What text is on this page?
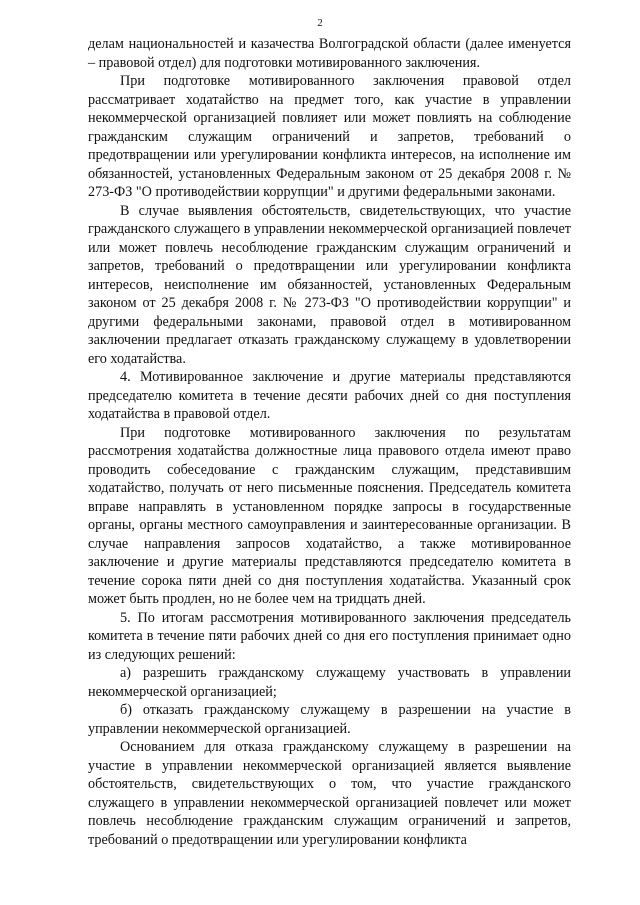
2

делам национальностей и казачества Волгоградской области (далее именуется – правовой отдел) для подготовки мотивированного заключения.

При подготовке мотивированного заключения правовой отдел рассматривает ходатайство на предмет того, как участие в управлении некоммерческой организацией повлияет или может повлиять на соблюдение гражданским служащим ограничений и запретов, требований о предотвращении или урегулировании конфликта интересов, на исполнение им обязанностей, установленных Федеральным законом от 25 декабря 2008 г. № 273-ФЗ "О противодействии коррупции" и другими федеральными законами.

В случае выявления обстоятельств, свидетельствующих, что участие гражданского служащего в управлении некоммерческой организацией повлечет или может повлечь несоблюдение гражданским служащим ограничений и запретов, требований о предотвращении или урегулировании конфликта интересов, неисполнение им обязанностей, установленных Федеральным законом от 25 декабря 2008 г. № 273-ФЗ "О противодействии коррупции" и другими федеральными законами, правовой отдел в мотивированном заключении предлагает отказать гражданскому служащему в удовлетворении его ходатайства.

4. Мотивированное заключение и другие материалы представляются председателю комитета в течение десяти рабочих дней со дня поступления ходатайства в правовой отдел.

При подготовке мотивированного заключения по результатам рассмотрения ходатайства должностные лица правового отдела имеют право проводить собеседование с гражданским служащим, представившим ходатайство, получать от него письменные пояснения. Председатель комитета вправе направлять в установленном порядке запросы в государственные органы, органы местного самоуправления и заинтересованные организации. В случае направления запросов ходатайство, а также мотивированное заключение и другие материалы представляются председателю комитета в течение сорока пяти дней со дня поступления ходатайства. Указанный срок может быть продлен, но не более чем на тридцать дней.

5. По итогам рассмотрения мотивированного заключения председатель комитета в течение пяти рабочих дней со дня его поступления принимает одно из следующих решений:

а) разрешить гражданскому служащему участвовать в управлении некоммерческой организацией;

б) отказать гражданскому служащему в разрешении на участие в управлении некоммерческой организацией.

Основанием для отказа гражданскому служащему в разрешении на участие в управлении некоммерческой организацией является выявление обстоятельств, свидетельствующих о том, что участие гражданского служащего в управлении некоммерческой организацией повлечет или может повлечь несоблюдение гражданским служащим ограничений и запретов, требований о предотвращении или урегулировании конфликта
